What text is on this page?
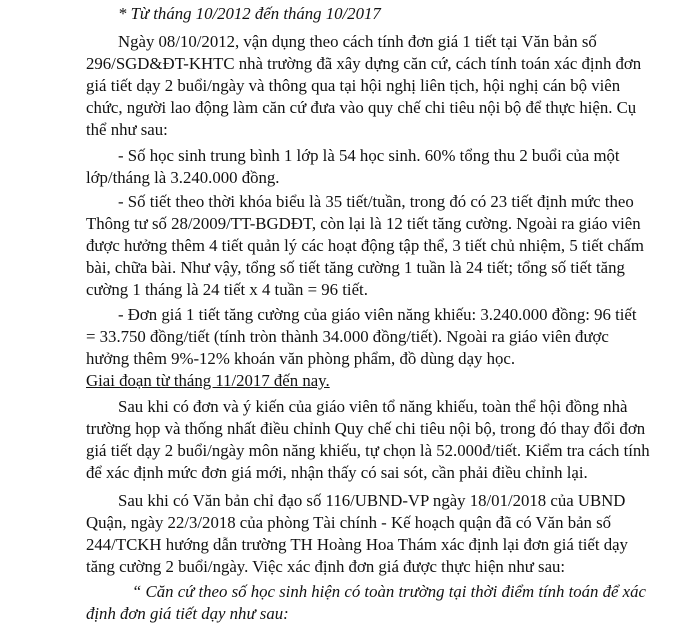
* Từ tháng 10/2012 đến tháng 10/2017
Ngày 08/10/2012, vận dụng theo cách tính đơn giá 1 tiết tại Văn bản số
296/SGD&ĐT-KHTC nhà trường đã xây dựng căn cứ, cách tính toán xác định đơn
giá tiết dạy 2 buổi/ngày và thông qua tại hội nghị liên tịch, hội nghị cán bộ viên
chức, người lao động làm căn cứ đưa vào quy chế chi tiêu nội bộ để thực hiện. Cụ
thể như sau:
- Số học sinh trung bình 1 lớp là 54 học sinh. 60% tổng thu 2 buổi của một
lớp/tháng là 3.240.000 đồng.
- Số tiết theo thời khóa biểu là 35 tiết/tuần, trong đó có 23 tiết định mức theo
Thông tư số 28/2009/TT-BGDĐT, còn lại là 12 tiết tăng cường. Ngoài ra giáo viên
được hưởng thêm 4 tiết quản lý các hoạt động tập thể, 3 tiết chủ nhiệm, 5 tiết chấm
bài, chữa bài. Như vậy, tổng số tiết tăng cường 1 tuần là 24 tiết; tổng số tiết tăng
cường 1 tháng là 24 tiết x 4 tuần = 96 tiết.
- Đơn giá 1 tiết tăng cường của giáo viên năng khiếu: 3.240.000 đồng: 96 tiết
= 33.750 đồng/tiết (tính tròn thành 34.000 đồng/tiết). Ngoài ra giáo viên được
hưởng thêm 9%-12% khoán văn phòng phẩm, đồ dùng dạy học.
Giai đoạn từ tháng 11/2017 đến nay.
Sau khi có đơn và ý kiến của giáo viên tổ năng khiếu, toàn thể hội đồng nhà
trường họp và thống nhất điều chỉnh Quy chế chi tiêu nội bộ, trong đó thay đổi đơn
giá tiết dạy 2 buổi/ngày môn năng khiếu, tự chọn là 52.000đ/tiết. Kiểm tra cách tính
để xác định mức đơn giá mới, nhận thấy có sai sót, cần phải điều chỉnh lại.
Sau khi có Văn bản chỉ đạo số 116/UBND-VP ngày 18/01/2018 của UBND
Quận, ngày 22/3/2018 của phòng Tài chính - Kế hoạch quận đã có Văn bản số
244/TCKH hướng dẫn trường TH Hoàng Hoa Thám xác định lại đơn giá tiết dạy
tăng cường 2 buổi/ngày. Việc xác định đơn giá được thực hiện như sau:
“ Căn cứ theo số học sinh hiện có toàn trường tại thời điểm tính toán để xác
định đơn giá tiết dạy như sau:
